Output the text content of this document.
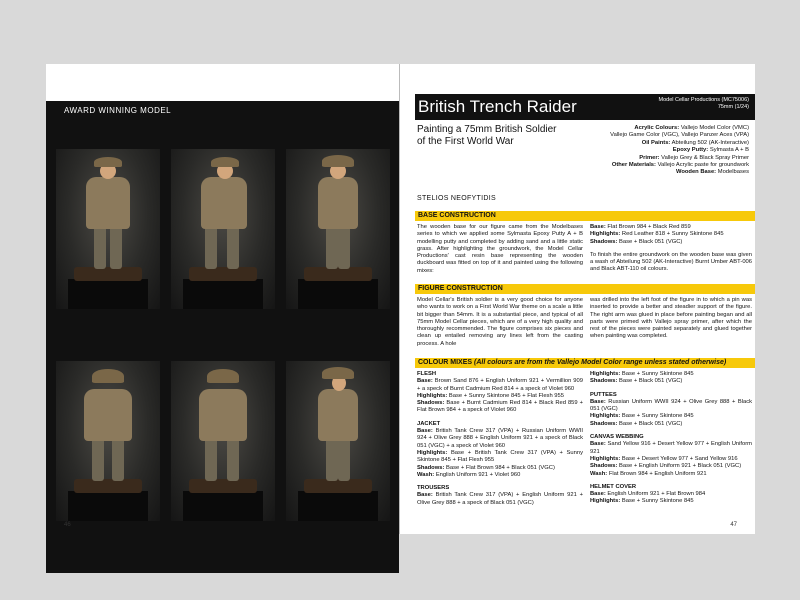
AWARD WINNING MODEL
46
British Trench Raider	Model Cellar Productions (MC75006)
75mm (1/24)
Painting a 75mm British Soldier
of the First World War
Acrylic Colours: Vallejo Model Color (VMC)
Vallejo Game Color (VGC), Vallejo Panzer Aces (VPA)
Oil Paints: Abteilung 502 (AK-Interactive)
Epoxy Putty: Sylmasta A + B
Primer: Vallejo Grey & Black Spray Primer
Other Materials: Vallejo Acrylic paste for groundwork
Wooden Base: Modelbases
STELIOS NEOFYTIDIS
BASE CONSTRUCTION
The wooden base for our figure came from the Modelbases series to which we applied some Sylmasta Epoxy Putty A + B modelling putty and completed by adding sand and a little static grass. After highlighting the groundwork, the Model Cellar Productions' cast resin base representing the wooden duckboard was fitted on top of it and painted using the following mixes:
Base: Flat Brown 984 + Black Red 859
Highlights: Red Leather 818 + Sunny Skintone 845
Shadows: Base + Black 051 (VGC)
To finish the entire groundwork on the wooden base was given a wash of Abteilung 502 (AK-Interactive) Burnt Umber ABT-006 and Black ABT-110 oil colours.
FIGURE CONSTRUCTION
Model Cellar's British soldier is a very good choice for anyone who wants to work on a First World War theme on a scale a little bit bigger than 54mm. It is a substantial piece, and typical of all 75mm Model Cellar pieces, which are of a very high quality and thoroughly recommended. The figure comprises six pieces and clean up entailed removing any lines left from the casting process. A hole
was drilled into the left foot of the figure in to which a pin was inserted to provide a better and steadier support of the figure. The right arm was glued in place before painting began and all parts were primed with Vallejo spray primer, after which the rest of the pieces were painted separately and glued together when painting was completed.
COLOUR MIXES (All colours are from the Vallejo Model Color range unless stated otherwise)
FLESH
Base: Brown Sand 876 + English Uniform 921 + Vermillion 909 + a speck of Burnt Cadmium Red 814 + a speck of Violet 960
Highlights: Base + Sunny Skintone 845 + Flat Flesh 955
Shadows: Base + Burnt Cadmium Red 814 + Black Red 859 + Flat Brown 984 + a speck of Violet 960
JACKET
Base: British Tank Crew 317 (VPA) + Russian Uniform WWII 924 + Olive Grey 888 + English Uniform 921 + a speck of Black 051 (VGC) + a speck of Violet 960
Highlights: Base + British Tank Crew 317 (VPA) + Sunny Skintone 845 + Flat Flesh 955
Shadows: Base + Flat Brown 984 + Black 051 (VGC)
Wash: English Uniform 921 + Violet 960
TROUSERS
Base: British Tank Crew 317 (VPA) + English Uniform 921 + Olive Grey 888 + a speck of Black 051 (VGC)
Highlights: Base + Sunny Skintone 845
Shadows: Base + Black 051 (VGC)
PUTTEES
Base: Russian Uniform WWII 924 + Olive Grey 888 + Black 051 (VGC)
Highlights: Base + Sunny Skintone 845
Shadows: Base + Black 051 (VGC)
CANVAS WEBBING
Base: Sand Yellow 916 + Desert Yellow 977 + English Uniform 921
Highlights: Base + Desert Yellow 977 + Sand Yellow 916
Shadows: Base + English Uniform 921 + Black 051 (VGC)
Wash: Flat Brown 984 + English Uniform 921
HELMET COVER
Base: English Uniform 921 + Flat Brown 984
Highlights: Base + Sunny Skintone 845
47
